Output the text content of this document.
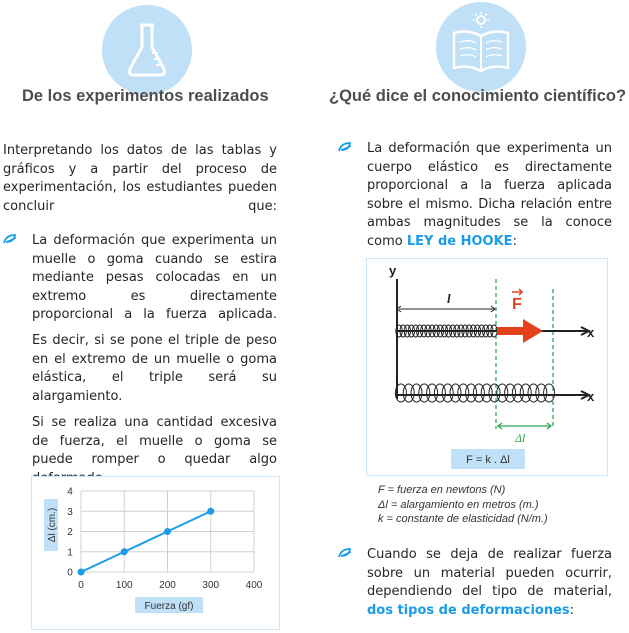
De los experimentos realizados
Interpretando los datos de las tablas y gráficos y a partir del proceso de experimentación, los estudiantes pueden concluir que:
La deformación que experimenta un muelle o goma cuando se estira mediante pesas colocadas en un extremo es directamente proporcional a la fuerza aplicada.
Es decir, si se pone el triple de peso en el extremo de un muelle o goma elástica, el triple será su alargamiento.
Si se realiza una cantidad excesiva de fuerza, el muelle o goma se puede romper o quedar algo
0	100	200	300	400
0
1
2
3
4
Δl (cm.)
Fuerza (gf)
¿Qué dice el conocimiento científico?
La deformación que experimenta un cuerpo elástico es directamente proporcional a la fuerza aplicada sobre el mismo. Dicha relación entre ambas magnitudes se la conoce como LEY de HOOKE:
y
l	F
x
x
Δl
F = k . Δl
F = fuerza en newtons (N)
Δl = alargamiento en metros (m.)
k = constante de elasticidad (N/m.)
Cuando se deja de realizar fuerza sobre un material pueden ocurrir, dependiendo del tipo de material, dos tipos de deformaciones:
